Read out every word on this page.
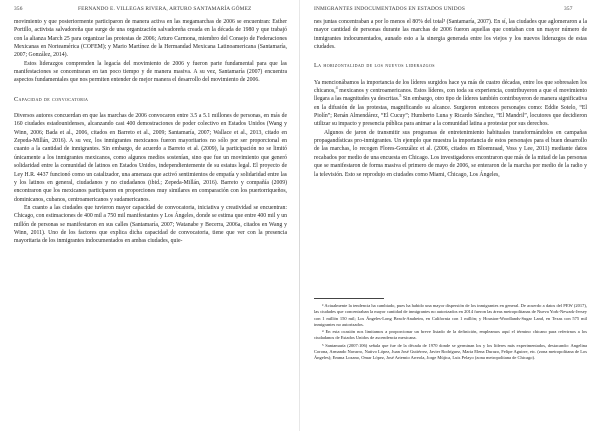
356	FERNANDO E. VILLEGAS RIVERA, ARTURO SANTAMARÍA GÓMEZ

movimiento y que posteriormente participaron de manera activa en las megamarchas de 2006 se encuentran: Esther Portillo, activista salvadoreña que surge de una organización salvadoreña creada en la década de 1980 y que trabajó con la alianza March 25 para organizar las protestas de 2006; Arturo Carmona, miembro del Consejo de Federaciones Mexicanas en Norteamérica (COFEM); y Mario Martínez de la Hermandad Mexicana Latinoamericana (Santamaría, 2007; González, 2014).

Estos liderazgos comprenden la legacía del movimiento de 2006 y fueron parte fundamental para que las manifestaciones se concentraran en tan poco tiempo y de manera masiva. A su vez, Santamaría (2007) encuentra aspectos fundamentales que nos permiten entender de mejor manera el desarrollo del movimiento de 2006.

Capacidad de convocatoria

Diversos autores concuerdan en que las marchas de 2006 convocaron entre 3.5 a 5.1 millones de personas, en más de 160 ciudades estadounidenses, alcanzando casi 400 demostraciones de poder colectivo en Estados Unidos (Wang y Winn, 2006; Bada et al., 2006, citados en Barreto et al., 2009; Santamaría, 2007; Wallace et al., 2013, citado en Zepeda-Millán, 2016). A su vez, los inmigrantes mexicanos fueron mayoritarios no sólo por ser proporcional en cuanto a la cantidad de inmigrantes. Sin embargo, de acuerdo a Barreto et al. (2009), la participación no se limitó únicamente a los inmigrantes mexicanos, como algunos medios sostenían, sino que fue un movimiento que generó solidaridad entre la comunidad de latinos en Estados Unidos, independientemente de su estatus legal. El proyecto de Ley H.R. 4437 funcionó como un catalizador, una amenaza que activó sentimientos de empatía y solidaridad entre las y los latinos en general, ciudadanos y no ciudadanos (ibid.; Zepeda-Millán, 2016). Barreto y compañía (2009) encontraron que los mexicanos participaron en proporciones muy similares en comparación con los puertorriqueños, dominicanos, cubanos, centroamericanos y sudamericanos.

En cuanto a las ciudades que tuvieron mayor capacidad de convocatoria, iniciativa y creatividad se encuentran: Chicago, con estimaciones de 400 mil a 750 mil manifestantes y Los Ángeles, donde se estima que entre 400 mil y un millón de personas se manifestaron en sus calles (Santamaría, 2007; Watanabe y Becerra, 2006a, citados en Wang y Winn, 2011). Uno de los factores que explica dicha capacidad de convocatoria, tiene que ver con la presencia mayoritaria de los inmigrantes indocumentados en ambas ciudades, quie-

INMIGRANTES INDOCUMENTADOS EN ESTADOS UNIDOS	357

nes juntas concentraban a por lo menos el 80% del total³ (Santamaría, 2007). En sí, las ciudades que aglomeraron a la mayor cantidad de personas durante las marchas de 2006 fueron aquellas que contaban con un mayor número de inmigrantes indocumentados, aunado esto a la sinergia generada entre los viejos y los nuevos liderazgos de estas ciudades.

La horizontalidad de los nuevos liderazgos

Ya mencionábamos la importancia de los líderes surgidos hace ya más de cuatro décadas, entre los que sobresalen los chicanos,$^4$ mexicanos y centroamericanos. Estos líderes, con toda su experiencia, contribuyeron a que el movimiento llegara a las magnitudes ya descritas.$^5$ Sin embargo, otro tipo de líderes también contribuyeron de manera significativa en la difusión de las protestas, magnificando su alcance. Surgieron entonces personajes como: Eddie Sotelo, “El Piolín”; Renán Almendárez, “El Cucuy”; Humberto Luna y Ricardo Sánchez, “El Mandril”, locutores que decidieron utilizar su impacto y presencia pública para animar a la comunidad latina a protestar por sus derechos.

Algunos de jaron de transmitir sus programas de entretenimiento habituales transformándolos en campañas propagandísticas pro-inmigrantes. Un ejemplo que muestra la importancia de estos personajes para el buen desarrollo de las marchas, lo recogen Flores-González et al. (2006, citados en Bloemraad, Voss y Lee, 2011) mediante datos recabados por medio de una encuesta en Chicago. Los investigadores encontraron que más de la mitad de las personas que se manifestaron de forma masiva el primero de mayo de 2006, se enteraron de la marcha por medio de la radio y la televisión. Esto se reprodujo en ciudades como Miami, Chicago, Los Ángeles,

³ Actualmente la tendencia ha cambiado, pues ha habido una mayor dispersión de los inmigrantes en general. De acuerdo a datos del PEW (2017), las ciudades que concentraban la mayor cantidad de inmigrantes no autorizados en 2014 fueron las áreas metropolitanas de Nueva York-Newark-Jersey con 1 millón 150 mil; Los Ángeles-Long Beach-Anaheim, en California con 1 millón; y Houston-Woodlands-Sugar Land, en Texas con 575 mil inmigrantes no autorizados.

⁴ En esta ocasión nos limitamos a proporcionar un breve listado de la definición, empleamos aquí el término chicano para referirnos a los ciudadanos de Estados Unidos de ascendencia mexicana.

⁵ Santamaría (2007:106) señala que fue de la década de 1970 donde se germinan los y los líderes más experimentados, destacando: Angelina Corona, Armando Navarro, Nativo López, Juan José Gutiérrez, Javier Rodríguez, Maria Elena Durazo, Felipe Aguirre, etc. (zona metropolitana de Los Ángeles); Emma Lozano, Omar López, José Artemio Arreola, Jorge Mújica, Luis Pelayo (zona metropolitana de Chicago).
